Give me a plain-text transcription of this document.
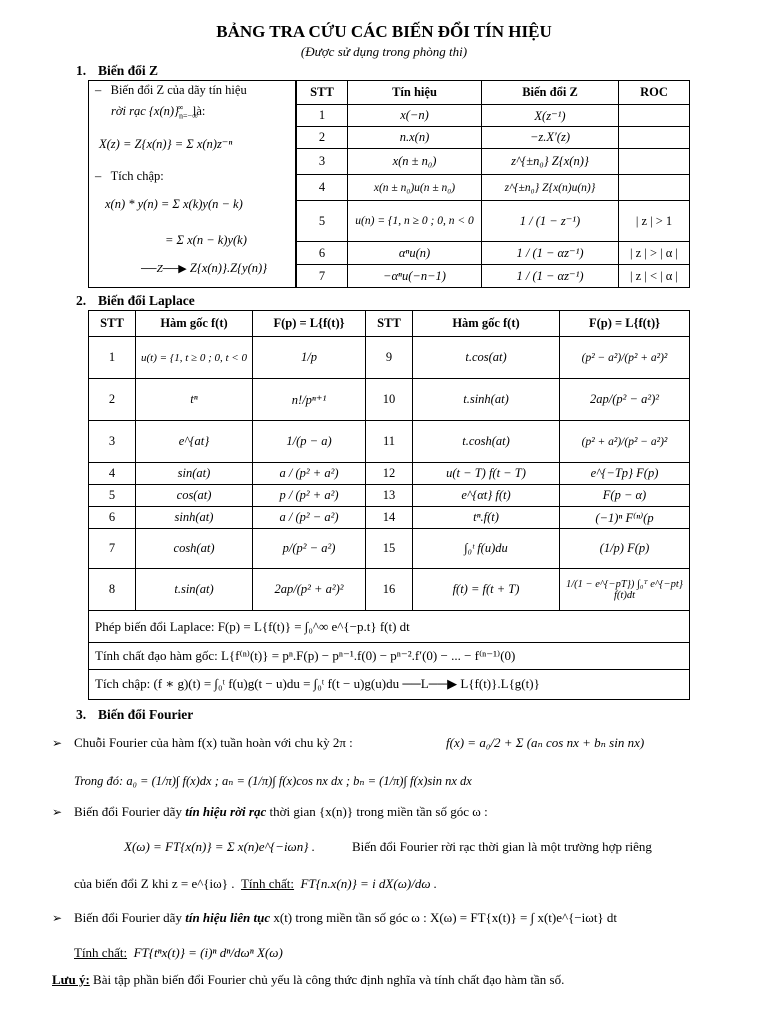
BẢNG TRA CỨU CÁC BIẾN ĐỔI TÍN HIỆU
(Được sử dụng trong phòng thi)
1. Biến đổi Z
–   Biến đổi Z của dãy tín hiệu
rời rạc $\{x(n)\}_{n=-\infty}^\infty$ là:
X(z) = Z{x(n)} = Σ x(n)z⁻ⁿ
–   Tích chập:
x(n) * y(n) = Σ x(k)y(n − k)
= Σ x(n − k)y(k)
──Z──▶ Z{x(n)}.Z{y(n)}
STT	Tín hiệu	Biến đổi Z	ROC
1	x(−n)	X(z⁻¹)	
2	n.x(n)	−z.X′(z)	
3	x(n ± n₀)	z^{±n₀} Z{x(n)}	
4	x(n ± n₀)u(n ± n₀)	z^{±n₀} Z{x(n)u(n)}	
5	u(n) = {1, n ≥ 0 ; 0, n < 0	1 / (1 − z⁻¹)	| z | > 1
6	αⁿu(n)	1 / (1 − αz⁻¹)	| z | > | α |
7	−αⁿu(−n−1)	1 / (1 − αz⁻¹)	| z | < | α |
2. Biến đổi Laplace
STT	Hàm gốc f(t)	F(p) = L{f(t)}	STT	Hàm gốc f(t)	F(p) = L{f(t)}
1	u(t) = {1, t ≥ 0 ; 0, t < 0	1/p	9	t.cos(at)	(p² − a²)/(p² + a²)²
2	tⁿ	n!/pⁿ⁺¹	10	t.sinh(at)	2ap/(p² − a²)²
3	e^{at}	1/(p − a)	11	t.cosh(at)	(p² + a²)/(p² − a²)²
4	sin(at)	a / (p² + a²)	12	u(t − T) f(t − T)	e^{−Tp} F(p)
5	cos(at)	p / (p² + a²)	13	e^{αt} f(t)	F(p − α)
6	sinh(at)	a / (p² − a²)	14	tⁿ.f(t)	(−1)ⁿ F⁽ⁿ⁾(p
7	cosh(at)	p/(p² − a²)	15	∫₀ᵗ f(u)du	(1/p) F(p)
8	t.sin(at)	2ap/(p² + a²)²	16	f(t) = f(t + T)	1/(1 − e^{−pT}) ∫₀ᵀ e^{−pt} f(t)dt
Phép biến đổi Laplace: F(p) = L{f(t)} = ∫₀^∞ e^{−p.t} f(t) dt
Tính chất đạo hàm gốc: L{f⁽ⁿ⁾(t)} = pⁿ.F(p) − pⁿ⁻¹.f(0) − pⁿ⁻².f′(0) − ... − f⁽ⁿ⁻¹⁾(0)
Tích chập: (f ∗ g)(t) = ∫₀ᵗ f(u)g(t − u)du = ∫₀ᵗ f(t − u)g(u)du ──L──▶ L{f(t)}.L{g(t)}
3. Biến đổi Fourier
➢ Chuỗi Fourier của hàm f(x) tuần hoàn với chu kỳ 2π :	f(x) = a₀/2 + Σ (aₙ cos nx + bₙ sin nx)
Trong đó: a₀ = (1/π)∫ f(x)dx ; aₙ = (1/π)∫ f(x)cos nx dx ; bₙ = (1/π)∫ f(x)sin nx dx
➢ Biến đổi Fourier dãy tín hiệu rời rạc thời gian {x(n)} trong miền tần số góc ω :
X(ω) = FT{x(n)} = Σ x(n)e^{−iωn} .	Biến đổi Fourier rời rạc thời gian là một trường hợp riêng
của biến đổi Z khi z = e^{iω} . Tính chất: FT{n.x(n)} = i dX(ω)/dω .
➢ Biến đổi Fourier dãy tín hiệu liên tục x(t) trong miền tần số góc ω : X(ω) = FT{x(t)} = ∫ x(t)e^{−iωt} dt
Tính chất: FT{tⁿx(t)} = (i)ⁿ dⁿ/dωⁿ X(ω)
Lưu ý: Bài tập phần biến đổi Fourier chủ yếu là công thức định nghĩa và tính chất đạo hàm tần số.
